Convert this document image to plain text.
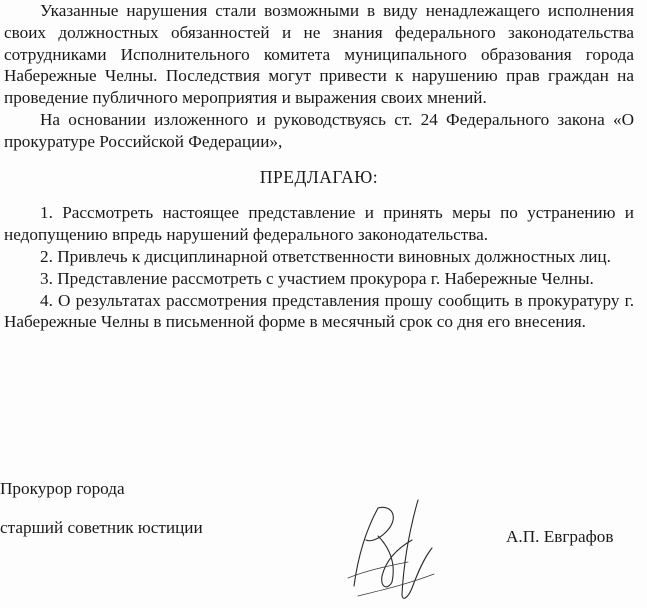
Указанные нарушения стали возможными в виду ненадлежащего исполнения своих должностных обязанностей и не знания федерального законодательства сотрудниками Исполнительного комитета муниципального образования города Набережные Челны. Последствия могут привести к нарушению прав граждан на проведение публичного мероприятия и выражения своих мнений.

На основании изложенного и руководствуясь ст. 24 Федерального закона «О прокуратуре Российской Федерации»,

ПРЕДЛАГАЮ:

1. Рассмотреть настоящее представление и принять меры по устранению и недопущению впредь нарушений федерального законодательства.

2. Привлечь к дисциплинарной ответственности виновных должностных лиц.

3. Представление рассмотреть с участием прокурора г. Набережные Челны.

4. О результатах рассмотрения представления прошу сообщить в прокуратуру г. Набережные Челны в письменной форме в месячный срок со дня его внесения.

Прокурор города
старший советник юстиции	А.П. Евграфов
